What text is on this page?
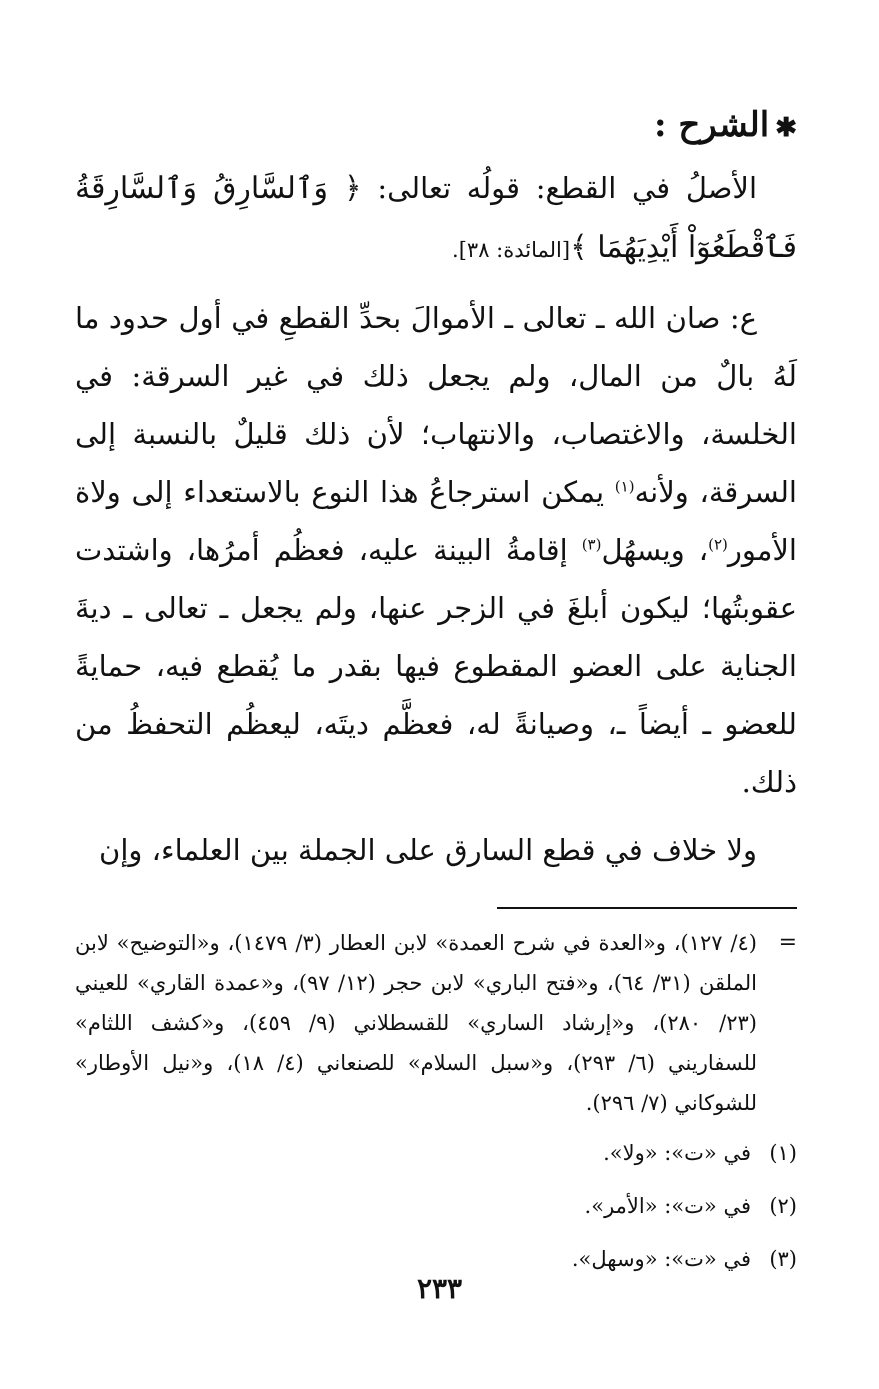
✱الشرح :

الأصلُ في القطع: قولُه تعالى: ﴿ وَٱلسَّارِقُ وَٱلسَّارِقَةُ فَٱقْطَعُوٓاْ أَيْدِيَهُمَا ﴾[المائدة: ٣٨].

ع: صان الله ـ تعالى ـ الأموالَ بحدِّ القطعِ في أول حدود ما لَهُ بالٌ من المال، ولم يجعل ذلك في غير السرقة: في الخلسة، والاغتصاب، والانتهاب؛ لأن ذلك قليلٌ بالنسبة إلى السرقة، ولأنه$^{(١)}$ يمكن استرجاعُ هذا النوع بالاستعداء إلى ولاة الأمور$^{(٢)}$، ويسهُل$^{(٣)}$ إقامةُ البينة عليه، فعظُم أمرُها، واشتدت عقوبتُها؛ ليكون أبلغَ في الزجر عنها، ولم يجعل ـ تعالى ـ ديةَ الجناية على العضو المقطوع فيها بقدر ما يُقطع فيه، حمايةً للعضو ـ أيضاً ـ، وصيانةً له، فعظَّم ديتَه، ليعظُم التحفظُ من ذلك.

ولا خلاف في قطع السارق على الجملة بين العلماء، وإن

=
(٤/ ١٢٧)، و«العدة في شرح العمدة» لابن العطار (٣/ ١٤٧٩)، و«التوضيح» لابن الملقن (٣١/ ٦٤)، و«فتح الباري» لابن حجر (١٢/ ٩٧)، و«عمدة القاري» للعيني (٢٣/ ٢٨٠)، و«إرشاد الساري» للقسطلاني (٩/ ٤٥٩)، و«كشف اللثام» للسفاريني (٦/ ٢٩٣)، و«سبل السلام» للصنعاني (٤/ ١٨)، و«نيل الأوطار» للشوكاني (٧/ ٢٩٦).
(١)في «ت»: «ولا».
(٢)في «ت»: «الأمر».
(٣)في «ت»: «وسهل».
٢٣٣
